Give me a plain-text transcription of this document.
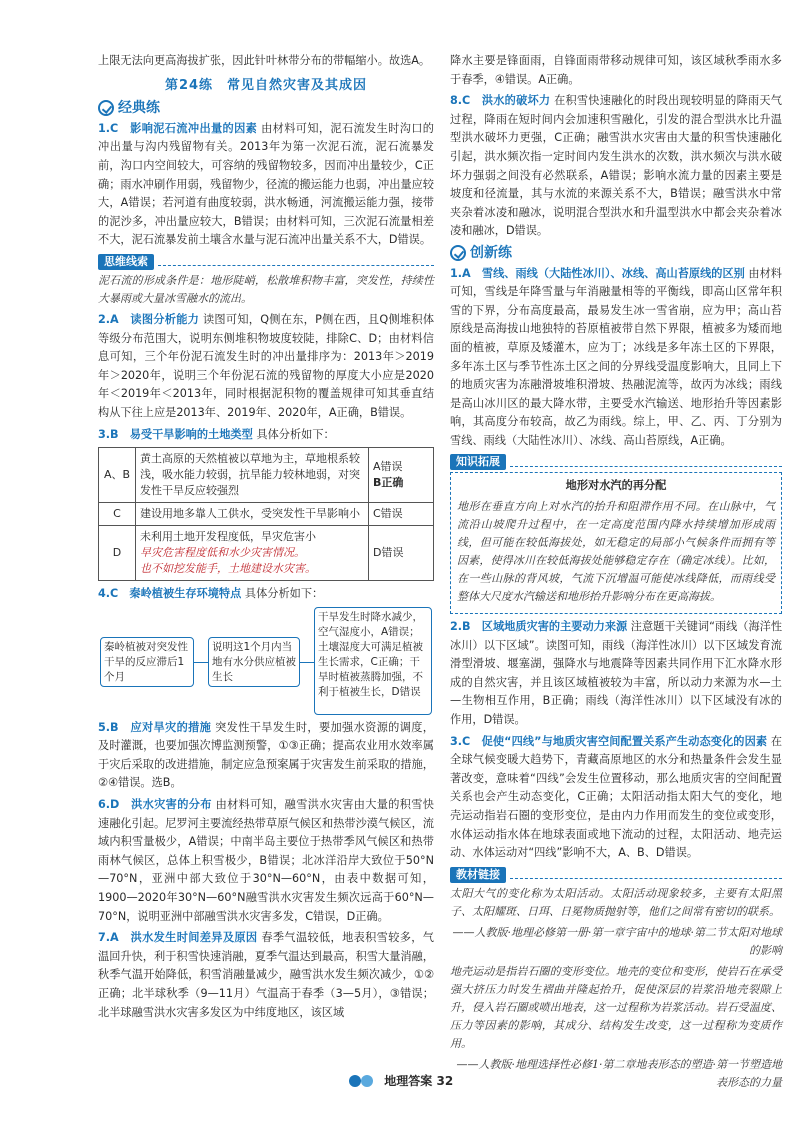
上限无法向更高海拔扩张，因此针叶林带分布的带幅缩小。故选A。

第24练　常见自然灾害及其成因
经典练

1.C　影响泥石流冲出量的因素 由材料可知，泥石流发生时沟口的冲出量与沟内残留物有关。2013年为第一次泥石流，泥石流暴发前，沟口内空间较大，可容纳的残留物较多，因而冲出量较少，C正确；雨水冲刷作用弱，残留物少，径流的搬运能力也弱，冲出量应较大，A错误；若河道有曲度较弱，洪水畅通，河流搬运能力强，接带的泥沙多，冲出量应较大，B错误；由材料可知，三次泥石流量相差不大，泥石流暴发前土壤含水量与泥石流冲出量关系不大，D错误。

思维线索

泥石流的形成条件是：地形陡峭，松散堆积物丰富，突发性，持续性大暴雨或大量冰雪融水的流出。

2.A　读图分析能力 读图可知，Q侧在东，P侧在西，且Q侧堆积体等级分布范围大，说明东侧堆积物坡度较陡，排除C、D；由材料信息可知，三个年份泥石流发生时的冲出量排序为：2013年＞2019年＞2020年，说明三个年份泥石流的残留物的厚度大小应是2020年＜2019年＜2013年，同时根据泥积物的覆盖规律可知其垂直结构从下往上应是2013年、2019年、2020年，A正确，B错误。

3.B　易受干旱影响的土地类型 具体分析如下：

A、B	黄土高原的天然植被以草地为主，草地根系较浅，吸水能力较弱，抗旱能力较林地弱，对突发性干旱反应较强烈	A错误
B正确

C	建设用地多靠人工供水，受突发性干旱影响小	C错误
D	未利用土地开发程度低，旱灾危害小
早灾危害程度低和水少灾害情况。
也不如挖发能手，土地建设水灾害。	D错误

4.C　秦岭植被生存环境特点 具体分析如下：

秦岭植被对突发性干旱的反应滞后1个月
说明这1个月内当地有水分供应植被生长
干旱发生时降水减少，空气湿度小，A错误；土壤湿度大可满足植被生长需求，C正确；干旱时植被蒸腾加强，不利于植被生长，D错误

5.B　应对旱灾的措施 突发性干旱发生时，要加强水资源的调度，及时灌溉，也要加强次博监测预警，①③正确；提高农业用水效率属于灾后采取的改进措施，制定应急预案属于灾害发生前采取的措施，②④错误。选B。

6.D　洪水灾害的分布 由材料可知，融雪洪水灾害由大量的积雪快速融化引起。尼罗河主要流经热带草原气候区和热带沙漠气候区，流域内积雪量极少，A错误；中南半岛主要位于热带季风气候区和热带雨林气候区，总体上积雪极少，B错误；北冰洋沿岸大致位于50°N—70°N，亚洲中部大致位于30°N—60°N，由表中数据可知，1900—2020年30°N—60°N融雪洪水灾害发生频次远高于60°N—70°N，说明亚洲中部融雪洪水灾害多发，C错误，D正确。

7.A　洪水发生时间差异及原因 春季气温较低，地表积雪较多，气温回升快，利于积雪快速消融，夏季气温达到最高，积雪大量消融，秋季气温开始降低，积雪消融量减少，融雪洪水发生频次减少，①②正确；北半球秋季（9—11月）气温高于春季（3—5月），③错误；北半球融雪洪水灾害多发区为中纬度地区，该区域

降水主要是锋面雨，自锋面雨带移动规律可知，该区域秋季雨水多于春季，④错误。A正确。

8.C　洪水的破坏力 在积雪快速融化的时段出现较明显的降雨天气过程，降雨在短时间内会加速积雪融化，引发的混合型洪水比升温型洪水破坏力更强，C正确；融雪洪水灾害由大量的积雪快速融化引起，洪水频次指一定时间内发生洪水的次数，洪水频次与洪水破坏力强弱之间没有必然联系，A错误；影响水流力量的因素主要是坡度和径流量，其与水流的来源关系不大，B错误；融雪洪水中常夹杂着冰凌和融冰，说明混合型洪水和升温型洪水中都会夹杂着冰凌和融冰，D错误。

创新练

1.A　雪线、雨线（大陆性冰川）、冰线、高山苔原线的区别 由材料可知，雪线是年降雪量与年消融量相等的平衡线，即高山区常年积雪的下界，分布高度最高，最易发生冰一雪省崩，应为甲；高山苔原线是高海拔山地独特的苔原植被带自然下界限，植被多为矮而地面的植被，草原及矮灌木，应为丁；冰线是多年冻土区的下界限，多年冻土区与季节性冻土区之间的分界线受温度影响大，且同上下的地质灾害为冻融滑坡堆积滑坡、热融泥流等，故丙为冰线；雨线是高山冰川区的最大降水带，主要受水汽输送、地形抬升等因素影响，其高度分布较高，故乙为雨线。综上，甲、乙、丙、丁分别为雪线、雨线（大陆性冰川）、冰线、高山苔原线，A正确。

知识拓展
地形对水汽的再分配

地形在垂直方向上对水汽的抬升和阻滞作用不同。在山脉中，气流沿山坡爬升过程中，在一定高度范围内降水持续增加形成雨线，但可能在较低海拔处，如无稳定的局部小气候条件而拥有等因素，使得冰川在较低海拔处能够稳定存在（确定冰线）。比如，在一些山脉的背风坡，气流下沉增温可能使冰线降低，而雨线受整体大尺度水汽输送和地形抬升影响分布在更高海拔。

2.B　区域地质灾害的主要动力来源 注意题干关键词“雨线（海洋性冰川）以下区域”。读图可知，雨线（海洋性冰川）以下区域发育流滑型滑坡、堰塞湖，强降水与地震降等因素共同作用下汇水降水形成的自然灾害，并且该区域植被较为丰富，所以动力来源为水—土—生物相互作用，B正确；雨线（海洋性冰川）以下区域没有冰的作用，D错误。

3.C　促使“四线”与地质灾害空间配置关系产生动态变化的因素 在全球气候变暖大趋势下，青藏高原地区的水分和热量条件会发生显著改变，意味着“四线”会发生位置移动，那么地质灾害的空间配置关系也会产生动态变化，C正确；太阳活动指太阳大气的变化，地壳运动指岩石圈的变形变位，是由内力作用而发生的变位或变形，水体运动指水体在地球表面或地下流动的过程，太阳活动、地壳运动、水体运动对“四线”影响不大，A、B、D错误。

教材链接

太阳大气的变化称为太阳活动。太阳活动现象较多，主要有太阳黑子、太阳耀斑、日珥、日冕物质抛射等，他们之间常有密切的联系。

——人教版·地理必修第一册·第一章宇宙中的地球·第二节太阳对地球的影响

地壳运动是指岩石圈的变形变位。地壳的变位和变形，使岩石在承受强大挤压力时发生褶曲并隆起抬升，促使深层的岩浆沿地壳裂隙上升，侵入岩石圈或喷出地表，这一过程称为岩浆活动。岩石受温度、压力等因素的影响，其成分、结构发生改变，这一过程称为变质作用。

——人教版·地理选择性必修1·第二章地表形态的塑造·第一节塑造地表形态的力量

地理答案 32
